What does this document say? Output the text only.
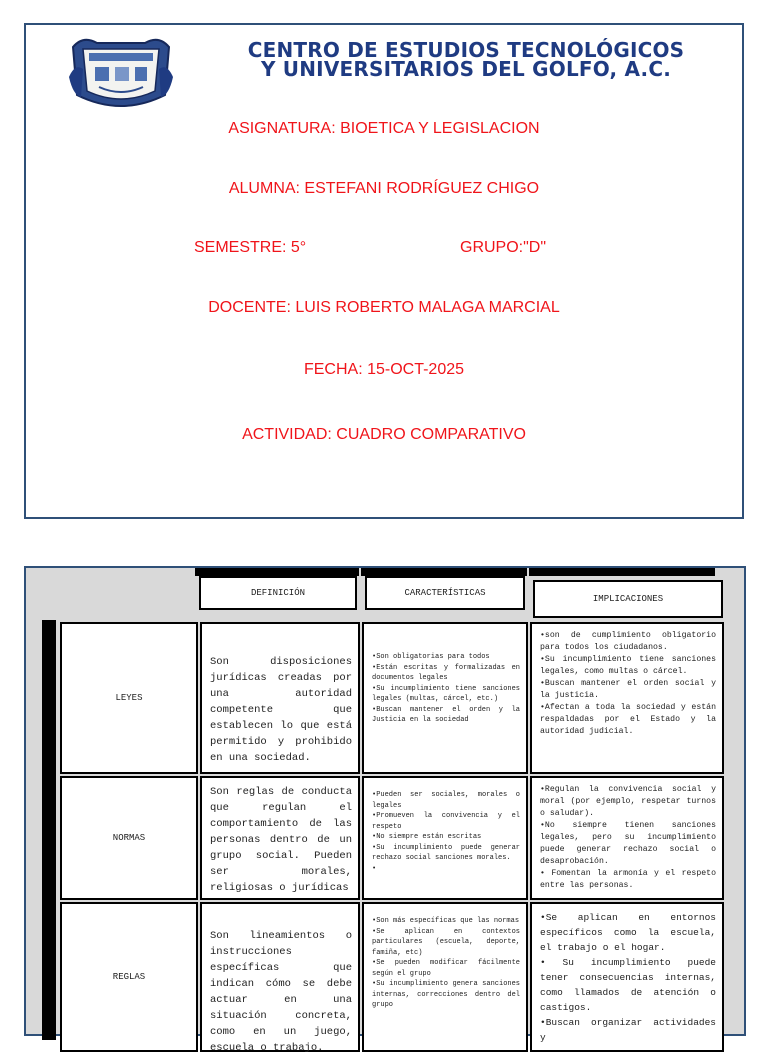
CENTRO DE ESTUDIOS TECNOLÓGICOS
Y UNIVERSITARIOS DEL GOLFO, A.C.
ASIGNATURA: BIOETICA Y LEGISLACION
ALUMNA: ESTEFANI RODRÍGUEZ CHIGO
SEMESTRE: 5°	GRUPO:"D"
DOCENTE: LUIS ROBERTO MALAGA MARCIAL
FECHA: 15-OCT-2025
ACTIVIDAD: CUADRO COMPARATIVO
DEFINICIÓN	CARACTERÍSTICAS
IMPLICACIONES
LEYES
Son disposiciones jurídicas creadas por una autoridad competente que establecen lo que está permitido y prohibido en una sociedad.
•Son obligatorias para todos
•Están escritas y formalizadas en documentos legales
•Su incumplimiento tiene sanciones legales (multas, cárcel, etc.)
•Buscan mantener el orden y la Justicia en la sociedad
•son de cumplimiento obligatorio para todos los ciudadanos.
•Su incumplimiento tiene sanciones legales, como multas o cárcel.
•Buscan mantener el orden social y la justicia.
•Afectan a toda la sociedad y están respaldadas por el Estado y la autoridad judicial.
NORMAS
Son reglas de conducta que regulan el comportamiento de las personas dentro de un grupo social. Pueden ser morales, religiosas o jurídicas
•Pueden ser sociales, morales o legales
•Promueven la convivencia y el respeto
•No siempre están escritas
•Su incumplimiento puede generar rechazo social sanciones morales.
•
•Regulan la convivencia social y moral (por ejemplo, respetar turnos o saludar).
•No siempre tienen sanciones legales, pero su incumplimiento puede generar rechazo social o desaprobación.
• Fomentan la armonía y el respeto entre las personas.
REGLAS
Son lineamientos o instrucciones específicas que indican cómo se debe actuar en una situación concreta, como en un juego, escuela o trabajo.
•Son más específicas que las normas
•Se aplican en contextos particulares (escuela, deporte, famiña, etc)
•Se pueden modificar fácilmente según el grupo
•Su incumplimiento genera sanciones internas, correcciones dentro del grupo
•Se aplican en entornos específicos como la escuela, el trabajo o el hogar.
• Su incumplimiento puede tener consecuencias internas, como llamados de atención o castigos.
•Buscan organizar actividades y
